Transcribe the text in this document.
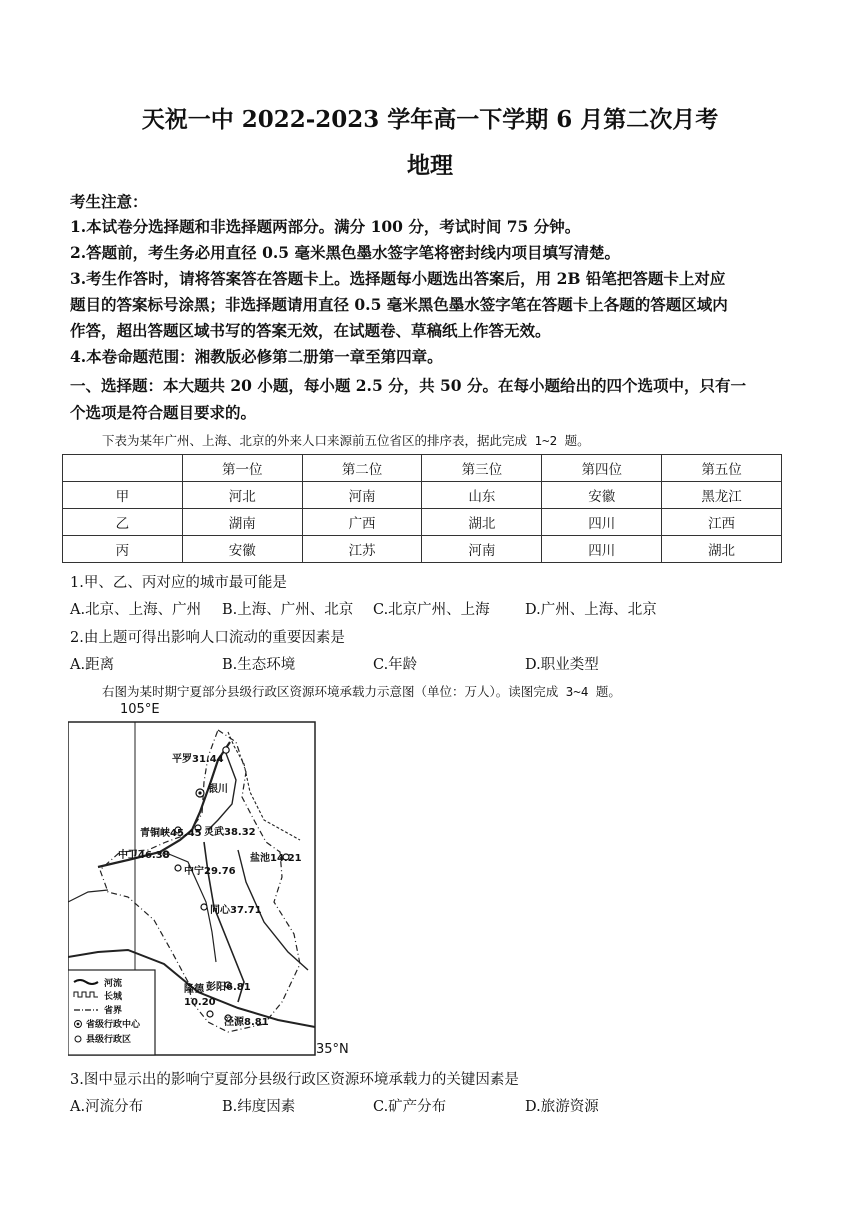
天祝一中 2022-2023 学年高一下学期 6 月第二次月考
地理
考生注意：
1.本试卷分选择题和非选择题两部分。满分 100 分，考试时间 75 分钟。
2.答题前，考生务必用直径 0.5 毫米黑色墨水签字笔将密封线内项目填写清楚。
3.考生作答时，请将答案答在答题卡上。选择题每小题选出答案后，用 2B 铅笔把答题卡上对应
题目的答案标号涂黑；非选择题请用直径 0.5 毫米黑色墨水签字笔在答题卡上各题的答题区域内
作答，超出答题区域书写的答案无效，在试题卷、草稿纸上作答无效。
4.本卷命题范围：湘教版必修第二册第一章至第四章。
一、选择题：本大题共 20 小题，每小题 2.5 分，共 50 分。在每小题给出的四个选项中，只有一
个选项是符合题目要求的。
下表为某年广州、上海、北京的外来人口来源前五位省区的排序表，据此完成 1~2 题。
	第一位	第二位	第三位	第四位	第五位
甲	河北	河南	山东	安徽	黑龙江
乙	湖南	广西	湖北	四川	江西
丙	安徽	江苏	河南	四川	湖北
1.甲、乙、丙对应的城市最可能是
A.北京、上海、广州 B.上海、广州、北京 C.北京广州、上海 D.广州、上海、北京
2.由上题可得出影响人口流动的重要因素是
A.距离	B.生态环境	C.年龄	D.职业类型
右图为某时期宁夏部分县级行政区资源环境承载力示意图（单位：万人）。读图完成 3~4 题。
105°E
35°N
平罗31.44
银川
青铜峡45.45 灵武38.32
中卫46.38	盐池14.21
中宁29.76
同心37.71
彭阳6.81
隆德
10.20
泾源8.81
河流
长城
省界
省级行政中心
县级行政区
3.图中显示出的影响宁夏部分县级行政区资源环境承载力的关键因素是
A.河流分布	B.纬度因素	C.矿产分布	D.旅游资源
